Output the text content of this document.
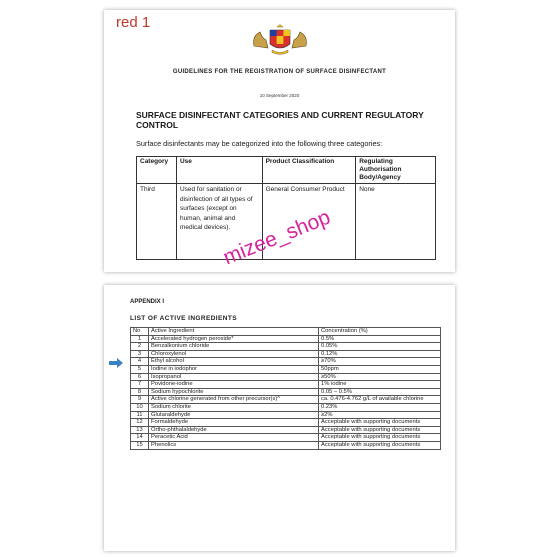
red 1
GUIDELINES FOR THE REGISTRATION OF SURFACE DISINFECTANT
10 September 2020
SURFACE DISINFECTANT CATEGORIES AND CURRENT REGULATORY CONTROL
Surface disinfectants may be categorized into the following three categories:
Category	Use	Product Classification	Regulating Authorisation Body/Agency
Third	Used for sanitation or disinfection of all types of surfaces (except on human, animal and medical devices).	General Consumer Product	None
mizee_shop
APPENDIX I
LIST OF ACTIVE INGREDIENTS
No	Active Ingredient	Concentration (%)
1	Accelerated hydrogen peroxide*	0.5%
2	Benzalkonium chloride	0.05%
3	Chloroxylenol	0.12%
4	Ethyl alcohol	≥70%
5	Iodine in iodophor	50ppm
6	Isopropanol	≥50%
7	Povidone-iodine	1% iodine
8	Sodium hypochlorite	0.05 – 0.5%
9	Active chlorine generated from other precursor(s)^	ca. 0.476-4.762 g/L of available chlorine
10	Sodium chlorite	0.23%
11	Glutaraldehyde	≥2%
12	Formaldehyde	Acceptable with supporting documents
13	Ortho-phthalaldehyde	Acceptable with supporting documents
14	Peracetic Acid	Acceptable with supporting documents
15	Phenolics	Acceptable with supporting documents
